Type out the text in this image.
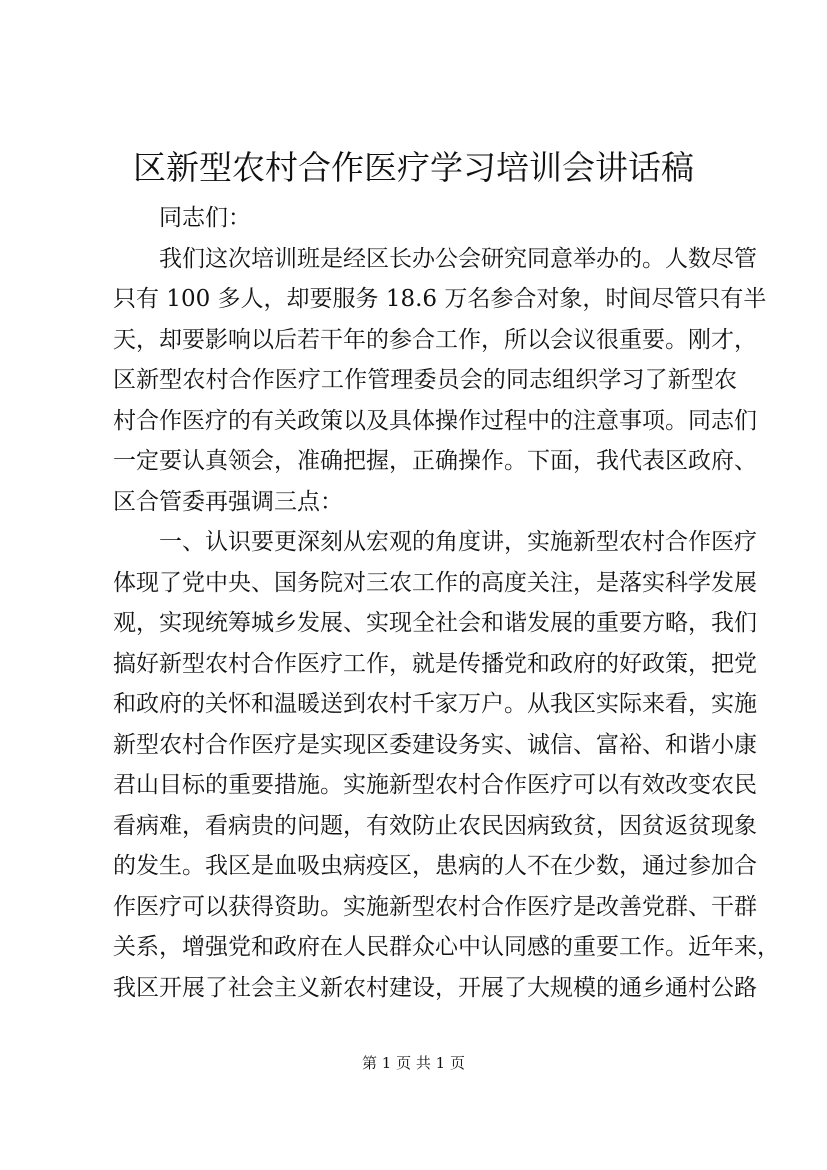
区新型农村合作医疗学习培训会讲话稿

同志们：

我们这次培训班是经区长办公会研究同意举办的。人数尽管

只有 100 多人，却要服务 18.6 万名参合对象，时间尽管只有半

天，却要影响以后若干年的参合工作，所以会议很重要。刚才，

区新型农村合作医疗工作管理委员会的同志组织学习了新型农

村合作医疗的有关政策以及具体操作过程中的注意事项。同志们

一定要认真领会，准确把握，正确操作。下面，我代表区政府、

区合管委再强调三点：

一、认识要更深刻从宏观的角度讲，实施新型农村合作医疗

体现了党中央、国务院对三农工作的高度关注，是落实科学发展

观，实现统筹城乡发展、实现全社会和谐发展的重要方略，我们

搞好新型农村合作医疗工作，就是传播党和政府的好政策，把党

和政府的关怀和温暖送到农村千家万户。从我区实际来看，实施

新型农村合作医疗是实现区委建设务实、诚信、富裕、和谐小康

君山目标的重要措施。实施新型农村合作医疗可以有效改变农民

看病难，看病贵的问题，有效防止农民因病致贫，因贫返贫现象

的发生。我区是血吸虫病疫区，患病的人不在少数，通过参加合

作医疗可以获得资助。实施新型农村合作医疗是改善党群、干群

关系，增强党和政府在人民群众心中认同感的重要工作。近年来，

我区开展了社会主义新农村建设，开展了大规模的通乡通村公路

第 1 页 共 1 页
